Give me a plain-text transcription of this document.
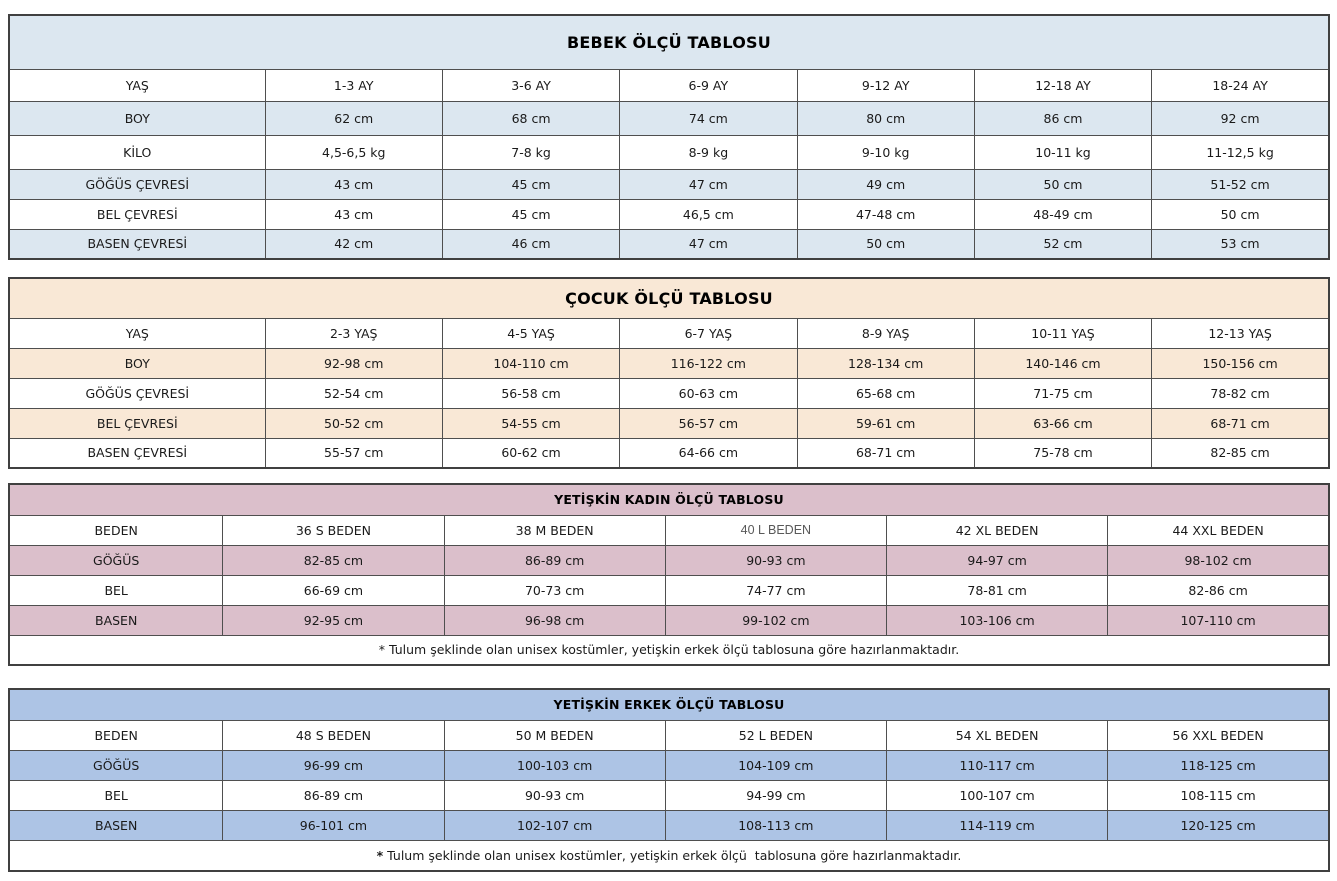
BEBEK ÖLÇÜ TABLOSU						
YAŞ	1-3 AY	3-6 AY	6-9 AY	9-12 AY	12-18 AY	18-24 AY
BOY	62 cm	68 cm	74 cm	80 cm	86 cm	92 cm
KİLO	4,5-6,5 kg	7-8 kg	8-9 kg	9-10 kg	10-11 kg	11-12,5 kg
GÖĞÜS ÇEVRESİ	43 cm	45 cm	47 cm	49 cm	50 cm	51-52 cm
BEL ÇEVRESİ	43 cm	45 cm	46,5 cm	47-48 cm	48-49 cm	50 cm
BASEN ÇEVRESİ	42 cm	46 cm	47 cm	50 cm	52 cm	53 cm
ÇOCUK ÖLÇÜ TABLOSU						
YAŞ	2-3 YAŞ	4-5 YAŞ	6-7 YAŞ	8-9 YAŞ	10-11 YAŞ	12-13 YAŞ
BOY	92-98 cm	104-110 cm	116-122 cm	128-134 cm	140-146 cm	150-156 cm
GÖĞÜS ÇEVRESİ	52-54 cm	56-58 cm	60-63 cm	65-68 cm	71-75 cm	78-82 cm
BEL ÇEVRESİ	50-52 cm	54-55 cm	56-57 cm	59-61 cm	63-66 cm	68-71 cm
BASEN ÇEVRESİ	55-57 cm	60-62 cm	64-66 cm	68-71 cm	75-78 cm	82-85 cm
YETİŞKİN KADIN ÖLÇÜ TABLOSU					
BEDEN	36 S BEDEN	38 M BEDEN	40 L BEDEN	42 XL BEDEN	44 XXL BEDEN
GÖĞÜS	82-85 cm	86-89 cm	90-93 cm	94-97 cm	98-102 cm
BEL	66-69 cm	70-73 cm	74-77 cm	78-81 cm	82-86 cm
BASEN	92-95 cm	96-98 cm	99-102 cm	103-106 cm	107-110 cm
* Tulum şeklinde olan unisex kostümler, yetişkin erkek ölçü tablosuna göre hazırlanmaktadır.					
YETİŞKİN ERKEK ÖLÇÜ TABLOSU					
BEDEN	48 S BEDEN	50 M BEDEN	52 L BEDEN	54 XL BEDEN	56 XXL BEDEN
GÖĞÜS	96-99 cm	100-103 cm	104-109 cm	110-117 cm	118-125 cm
BEL	86-89 cm	90-93 cm	94-99 cm	100-107 cm	108-115 cm
BASEN	96-101 cm	102-107 cm	108-113 cm	114-119 cm	120-125 cm
* Tulum şeklinde olan unisex kostümler, yetişkin erkek ölçü  tablosuna göre hazırlanmaktadır.					
